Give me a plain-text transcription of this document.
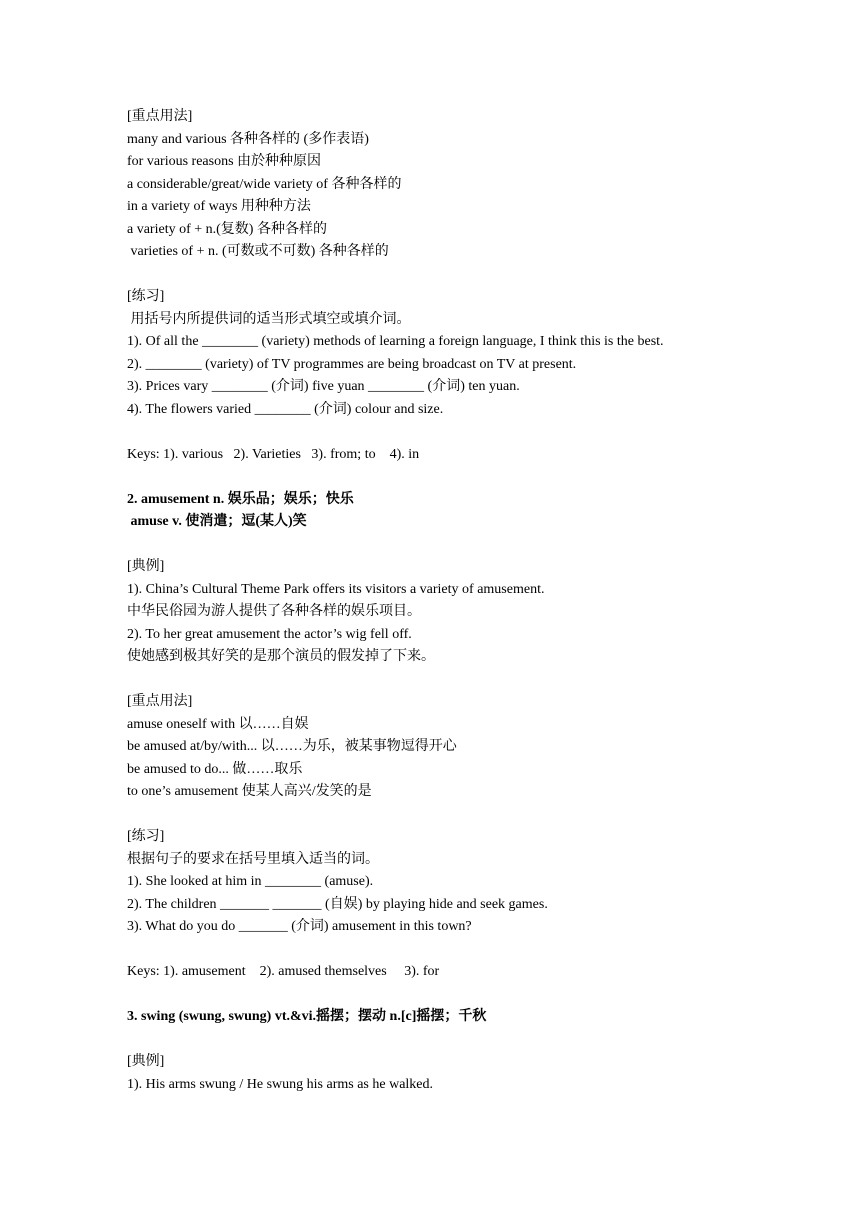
[重点用法]
many and various 各种各样的 (多作表语)
for various reasons 由於种种原因
a considerable/great/wide variety of 各种各样的
in a variety of ways 用种种方法
a variety of + n.(复数) 各种各样的
varieties of + n. (可数或不可数) 各种各样的
[练习]
用括号内所提供词的适当形式填空或填介词。
1). Of all the ________ (variety) methods of learning a foreign language, I think this is the best.
2). ________ (variety) of TV programmes are being broadcast on TV at present.
3). Prices vary ________ (介词) five yuan ________ (介词) ten yuan.
4). The flowers varied ________ (介词) colour and size.
Keys: 1). various   2). Varieties   3). from; to    4). in
2. amusement n. 娱乐品；娱乐；快乐
amuse v. 使消遣；逗(某人)笑
[典例]
1). China’s Cultural Theme Park offers its visitors a variety of amusement.
中华民俗园为游人提供了各种各样的娱乐项目。
2). To her great amusement the actor’s wig fell off.
使她感到极其好笑的是那个演员的假发掉了下来。
[重点用法]
amuse oneself with 以……自娱
be amused at/by/with... 以……为乐，被某事物逗得开心
be amused to do... 做……取乐
to one’s amusement 使某人高兴/发笑的是
[练习]
根据句子的要求在括号里填入适当的词。
1). She looked at him in ________ (amuse).
2). The children _______ _______ (自娱) by playing hide and seek games.
3). What do you do _______ (介词) amusement in this town?
Keys: 1). amusement    2). amused themselves     3). for
3. swing (swung, swung) vt.&vi.摇摆；摆动 n.[c]摇摆；千秋
[典例]
1). His arms swung / He swung his arms as he walked.
